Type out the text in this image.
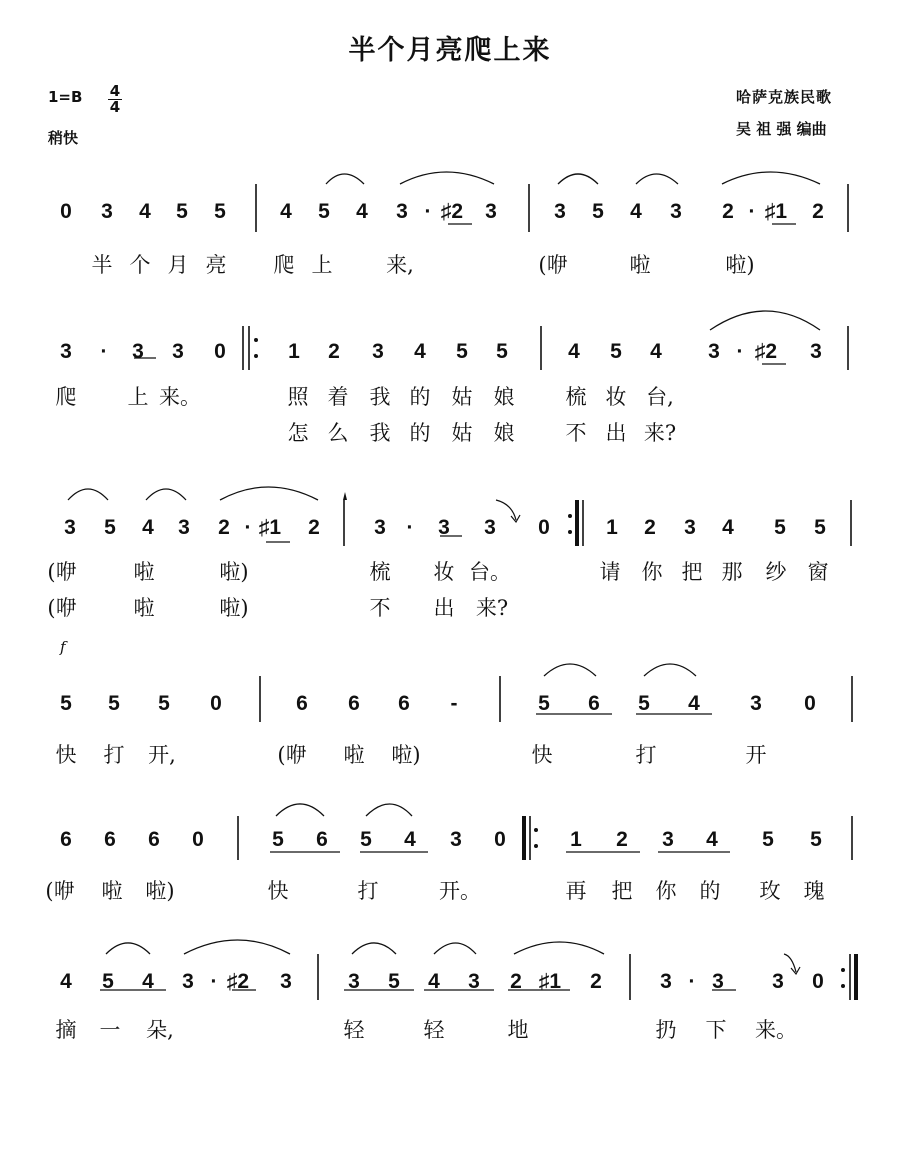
半个月亮爬上来
1=B 4
4
稍快
哈萨克族民歌
吴 祖 强 编曲
f
0 3 4 5 5	4 5 4 3 · ♯2 3	3 5 4 3 2 · ♯1 2
3 · 3 3 0	1 2 3 4 5 5	4 5 4 3 · ♯2 3
3 5 4 3 2 · ♯1 2	3 · 3 3 0	1 2 3 4 5 5
5 5 5 0	6 6 6 -	5 6 5 4 3 0
6 6 6 0	5 6 5 4 3 0	1 2 3 4 5 5
4 5 4 3 · ♯2 3	3 5 4 3 2 ♯1 2	3 · 3 3 0
半 个 月 亮 爬 上	来,	(咿	啦	啦)
爬 上 来。	照 着 我 的 姑 娘 梳 妆 台,
怎 么 我 的 姑 娘 不 出 来?
(咿	啦	啦)	梳 妆 台。	请 你 把 那 纱 窗
(咿	啦	啦)	不 出 来?
快 打 开,	(咿 啦 啦)	快	打	开
(咿 啦 啦)	快	打	开。	再 把 你 的 玫 瑰
摘 一 朵,	轻	轻	地	扔 下 来。
